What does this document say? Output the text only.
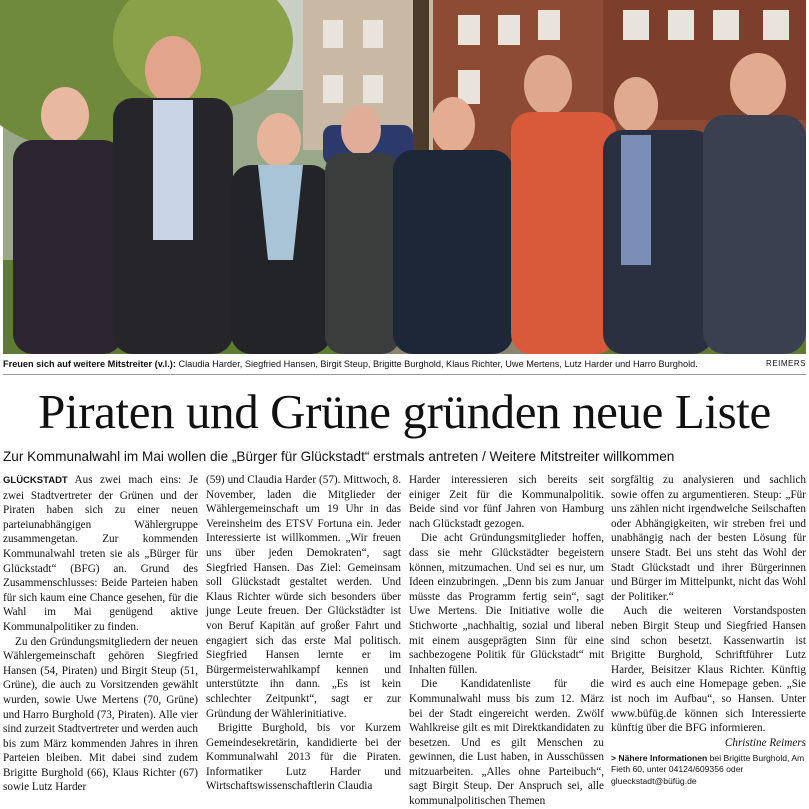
Freuen sich auf weitere Mitstreiter (v.l.): Claudia Harder, Siegfried Hansen, Birgit Steup, Brigitte Burghold, Klaus Richter, Uwe Mertens, Lutz Harder und Harro Burghold.	REIMERS
Piraten und Grüne gründen neue Liste
Zur Kommunalwahl im Mai wollen die „Bürger für Glückstadt“ erstmals antreten / Weitere Mitstreiter willkommen

GLÜCKSTADT Aus zwei mach eins: Je zwei Stadtvertreter der Grünen und der Piraten haben sich zu einer neuen parteiunabhängigen Wählergruppe zusammengetan. Zur kommenden Kommunalwahl treten sie als „Bürger für Glückstadt“ (BFG) an. Grund des Zusammenschlusses: Beide Parteien haben für sich kaum eine Chance gesehen, für die Wahl im Mai genügend aktive Kommunalpolitiker zu finden.

Zu den Gründungsmitgliedern der neuen Wählergemeinschaft gehören Siegfried Hansen (54, Piraten) und Birgit Steup (51, Grüne), die auch zu Vorsitzenden gewählt wurden, sowie Uwe Mertens (70, Grüne) und Harro Burghold (73, Piraten). Alle vier sind zurzeit Stadtvertreter und werden auch bis zum März kommenden Jahres in ihren Parteien bleiben. Mit dabei sind zudem Brigitte Burghold (66), Klaus Richter (67) sowie Lutz Harder

(59) und Claudia Harder (57). Mittwoch, 8. November, laden die Mitglieder der Wählergemeinschaft um 19 Uhr in das Vereinsheim des ETSV Fortuna ein. Jeder Interessierte ist willkommen. „Wir freuen uns über jeden Demokraten“, sagt Siegfried Hansen. Das Ziel: Gemeinsam soll Glückstadt gestaltet werden. Und Klaus Richter würde sich besonders über junge Leute freuen. Der Glückstädter ist von Beruf Kapitän auf großer Fahrt und engagiert sich das erste Mal politisch. Siegfried Hansen lernte er im Bürgermeisterwahlkampf kennen und unterstützte ihn dann. „Es ist kein schlechter Zeitpunkt“, sagt er zur Gründung der Wählerinitiative.

Brigitte Burghold, bis vor Kurzem Gemeindesekretärin, kandidierte bei der Kommunalwahl 2013 für die Piraten. Informatiker Lutz Harder und Wirtschaftswissenschaftlerin Claudia

Harder interessieren sich bereits seit einiger Zeit für die Kommunalpolitik. Beide sind vor fünf Jahren von Hamburg nach Glückstadt gezogen.

Die acht Gründungsmitglieder hoffen, dass sie mehr Glückstädter begeistern können, mitzumachen. Und sei es nur, um Ideen einzubringen. „Denn bis zum Januar müsste das Programm fertig sein“, sagt Uwe Mertens. Die Initiative wolle die Stichworte „nachhaltig, sozial und liberal mit einem ausgeprägten Sinn für eine sachbezogene Politik für Glückstadt“ mit Inhalten füllen.

Die Kandidatenliste für die Kommunalwahl muss bis zum 12. März bei der Stadt eingereicht werden. Zwölf Wahlkreise gilt es mit Direktkandidaten zu besetzen. Und es gilt Menschen zu gewinnen, die Lust haben, in Ausschüssen mitzuarbeiten. „Alles ohne Parteibuch“, sagt Birgit Steup. Der Anspruch sei, alle kommunalpolitischen Themen

sorgfältig zu analysieren und sachlich sowie offen zu argumentieren. Steup: „Für uns zählen nicht irgendwelche Seilschaften oder Abhängigkeiten, wir streben frei und unabhängig nach der besten Lösung für unsere Stadt. Bei uns steht das Wohl der Stadt Glückstadt und ihrer Bürgerinnen und Bürger im Mittelpunkt, nicht das Wohl der Politiker.“

Auch die weiteren Vorstandsposten neben Birgit Steup und Siegfried Hansen sind schon besetzt. Kassenwartin ist Brigitte Burghold, Schriftführer Lutz Harder, Beisitzer Klaus Richter. Künftig wird es auch eine Homepage geben. „Sie ist noch im Aufbau“, so Hansen. Unter www.büfüg.de können sich Interessierte künftig über die BFG informieren.

Christine Reimers

> Nähere Informationen bei Brigitte Burghold, Am Fieth 60, unter 04124/609356 oder glueckstadt@büfüg.de
